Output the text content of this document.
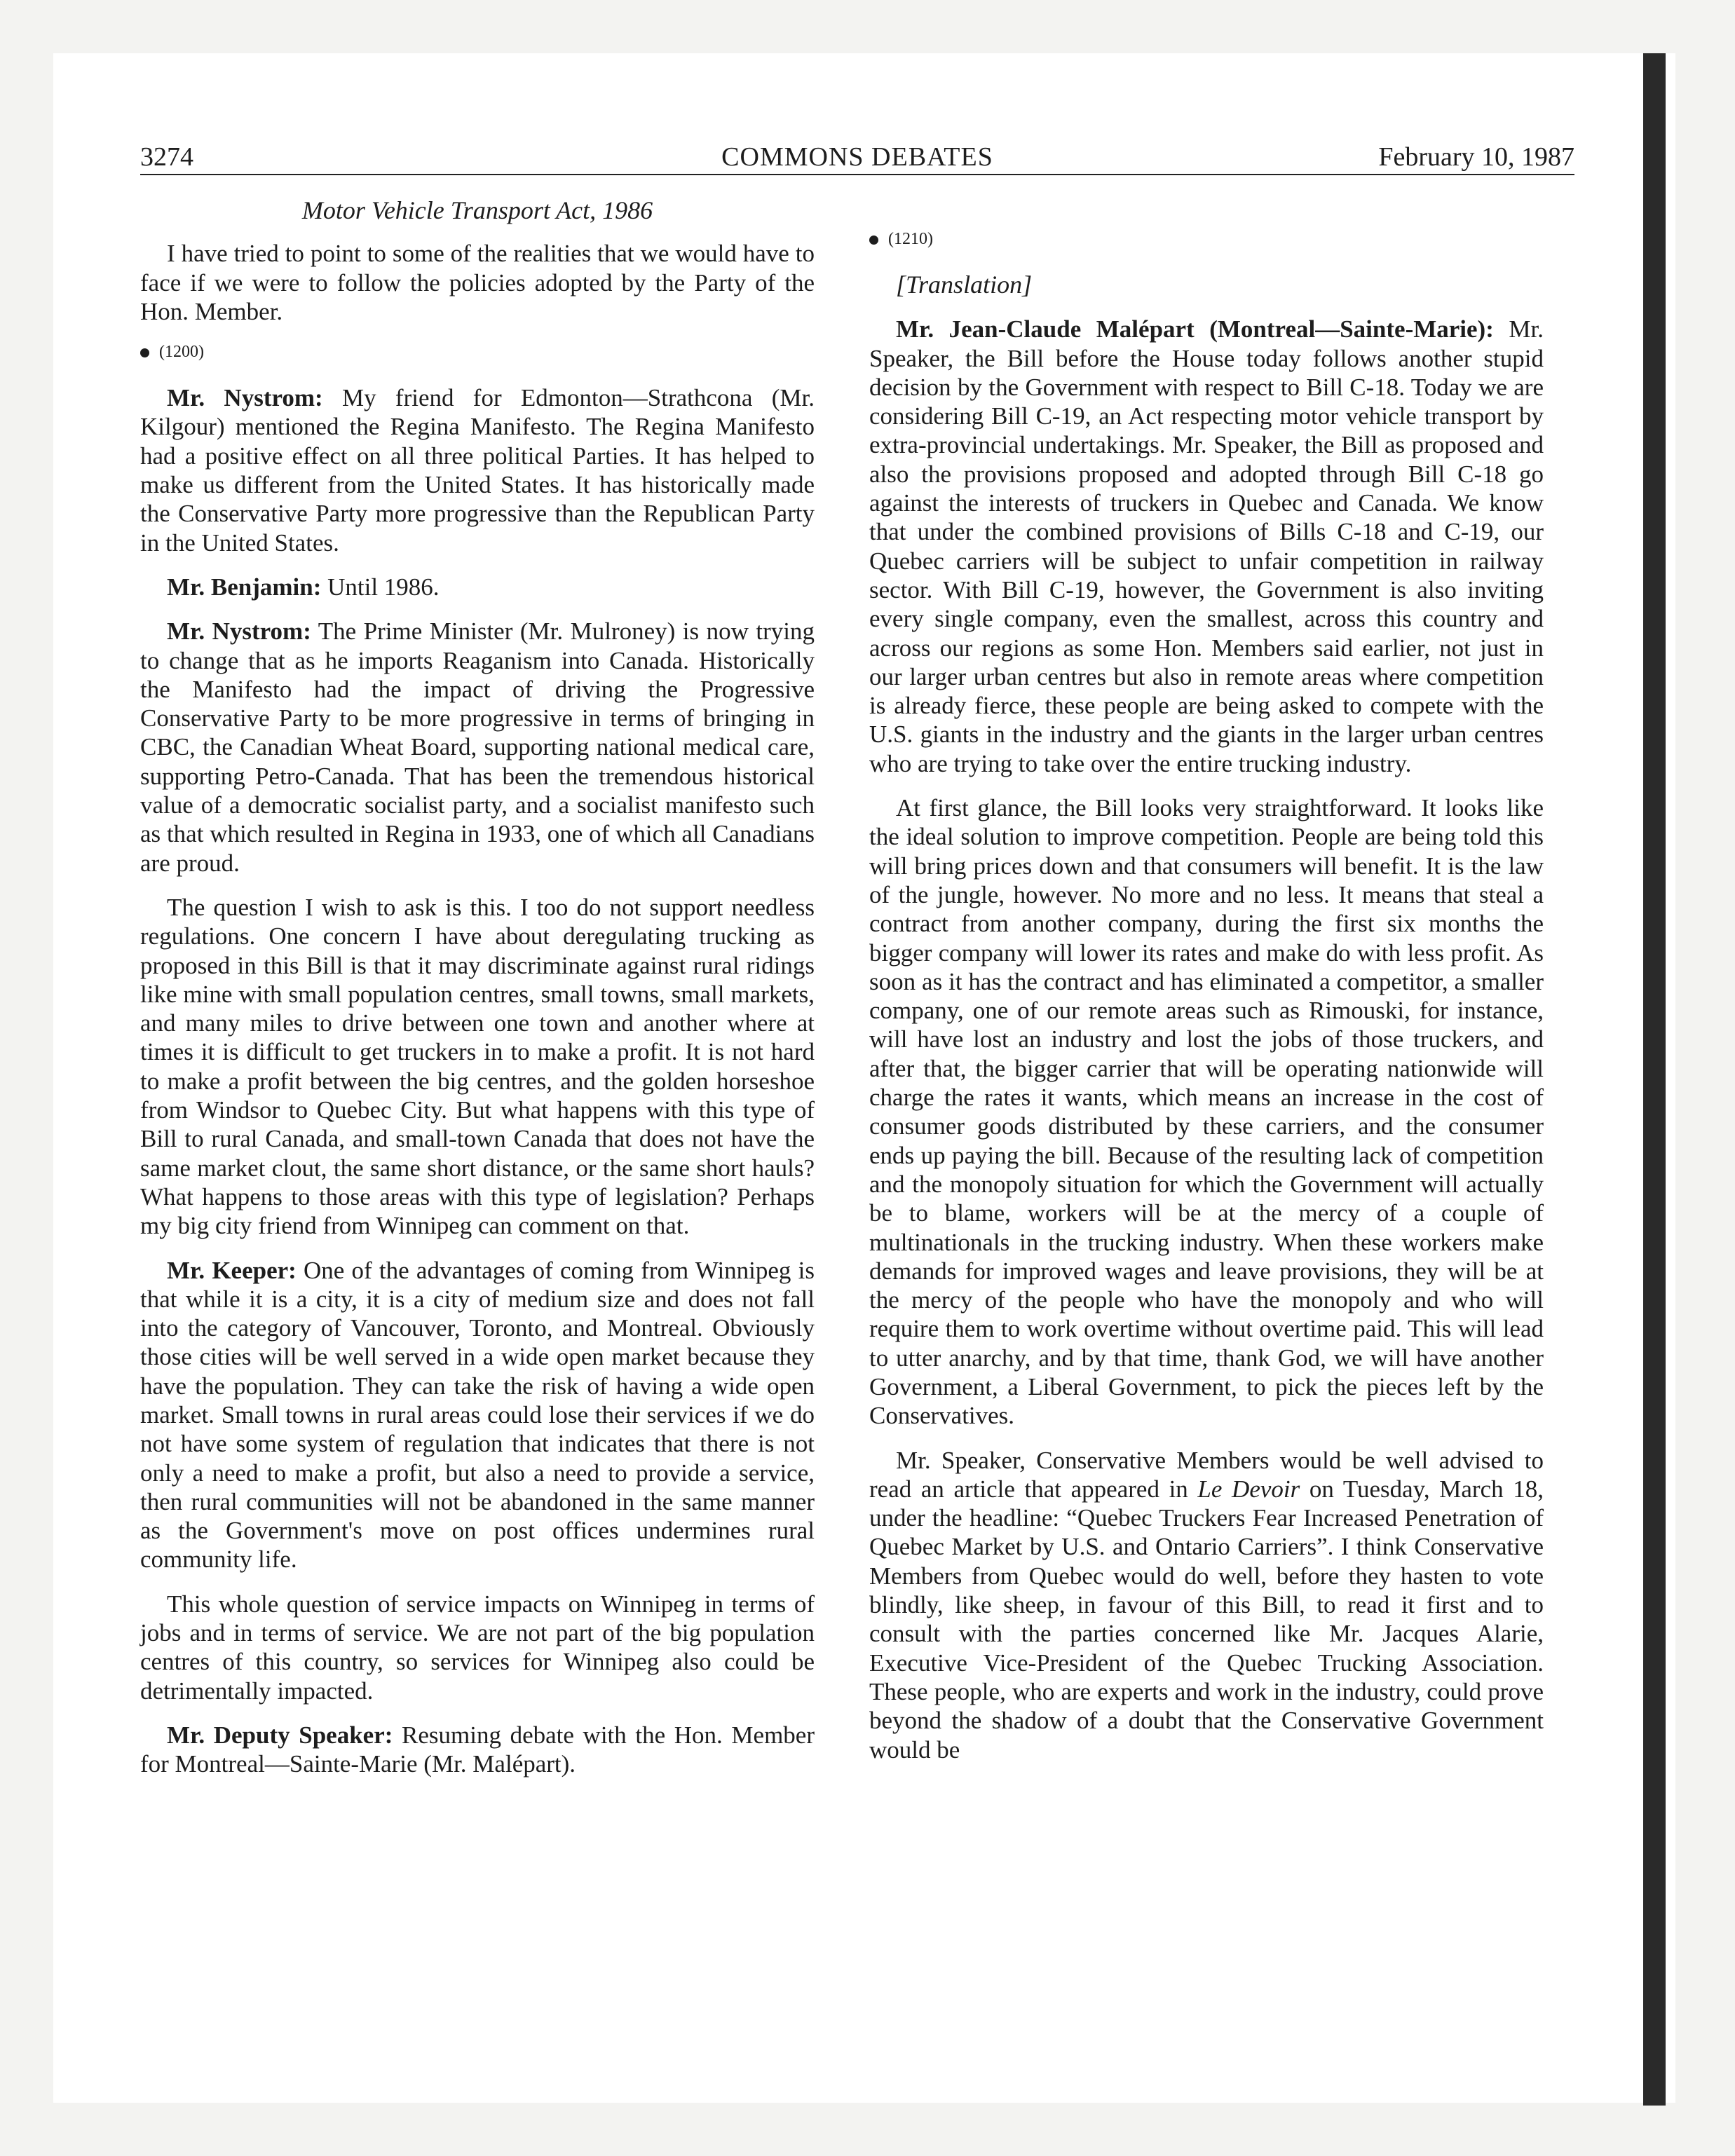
3274	COMMONS DEBATES	February 10, 1987
Motor Vehicle Transport Act, 1986

I have tried to point to some of the realities that we would have to face if we were to follow the policies adopted by the Party of the Hon. Member.

(1200)

Mr. Nystrom: My friend for Edmonton—Strathcona (Mr. Kilgour) mentioned the Regina Manifesto. The Regina Manifesto had a positive effect on all three political Parties. It has helped to make us different from the United States. It has historically made the Conservative Party more progressive than the Republican Party in the United States.

Mr. Benjamin: Until 1986.

Mr. Nystrom: The Prime Minister (Mr. Mulroney) is now trying to change that as he imports Reaganism into Canada. Historically the Manifesto had the impact of driving the Progressive Conservative Party to be more progressive in terms of bringing in CBC, the Canadian Wheat Board, supporting national medical care, supporting Petro-Canada. That has been the tremendous historical value of a democratic socialist party, and a socialist manifesto such as that which resulted in Regina in 1933, one of which all Canadians are proud.

The question I wish to ask is this. I too do not support needless regulations. One concern I have about deregulating trucking as proposed in this Bill is that it may discriminate against rural ridings like mine with small population centres, small towns, small markets, and many miles to drive between one town and another where at times it is difficult to get truckers in to make a profit. It is not hard to make a profit between the big centres, and the golden horseshoe from Windsor to Quebec City. But what happens with this type of Bill to rural Canada, and small-town Canada that does not have the same market clout, the same short distance, or the same short hauls? What happens to those areas with this type of legislation? Perhaps my big city friend from Winnipeg can comment on that.

Mr. Keeper: One of the advantages of coming from Winnipeg is that while it is a city, it is a city of medium size and does not fall into the category of Vancouver, Toronto, and Montreal. Obviously those cities will be well served in a wide open market because they have the population. They can take the risk of having a wide open market. Small towns in rural areas could lose their services if we do not have some system of regulation that indicates that there is not only a need to make a profit, but also a need to provide a service, then rural communities will not be abandoned in the same manner as the Government's move on post offices undermines rural community life.

This whole question of service impacts on Winnipeg in terms of jobs and in terms of service. We are not part of the big population centres of this country, so services for Winnipeg also could be detrimentally impacted.

Mr. Deputy Speaker: Resuming debate with the Hon. Member for Montreal—Sainte-Marie (Mr. Malépart).

(1210)

[Translation]

Mr. Jean-Claude Malépart (Montreal—Sainte-Marie): Mr. Speaker, the Bill before the House today follows another stupid decision by the Government with respect to Bill C-18. Today we are considering Bill C-19, an Act respecting motor vehicle transport by extra-provincial undertakings. Mr. Speaker, the Bill as proposed and also the provisions proposed and adopted through Bill C-18 go against the interests of truckers in Quebec and Canada. We know that under the combined provisions of Bills C-18 and C-19, our Quebec carriers will be subject to unfair competition in railway sector. With Bill C-19, however, the Government is also inviting every single company, even the smallest, across this country and across our regions as some Hon. Members said earlier, not just in our larger urban centres but also in remote areas where competition is already fierce, these people are being asked to compete with the U.S. giants in the industry and the giants in the larger urban centres who are trying to take over the entire trucking industry.

At first glance, the Bill looks very straightforward. It looks like the ideal solution to improve competition. People are being told this will bring prices down and that consumers will benefit. It is the law of the jungle, however. No more and no less. It means that steal a contract from another company, during the first six months the bigger company will lower its rates and make do with less profit. As soon as it has the contract and has eliminated a competitor, a smaller company, one of our remote areas such as Rimouski, for instance, will have lost an industry and lost the jobs of those truckers, and after that, the bigger carrier that will be operating nationwide will charge the rates it wants, which means an increase in the cost of consumer goods distributed by these carriers, and the consumer ends up paying the bill. Because of the resulting lack of competition and the monopoly situation for which the Government will actually be to blame, workers will be at the mercy of a couple of multinationals in the trucking industry. When these workers make demands for improved wages and leave provisions, they will be at the mercy of the people who have the monopoly and who will require them to work overtime without overtime paid. This will lead to utter anarchy, and by that time, thank God, we will have another Government, a Liberal Government, to pick the pieces left by the Conservatives.

Mr. Speaker, Conservative Members would be well advised to read an article that appeared in Le Devoir on Tuesday, March 18, under the headline: “Quebec Truckers Fear Increased Penetration of Quebec Market by U.S. and Ontario Carriers”. I think Conservative Members from Quebec would do well, before they hasten to vote blindly, like sheep, in favour of this Bill, to read it first and to consult with the parties concerned like Mr. Jacques Alarie, Executive Vice-President of the Quebec Trucking Association. These people, who are experts and work in the industry, could prove beyond the shadow of a doubt that the Conservative Government would be
